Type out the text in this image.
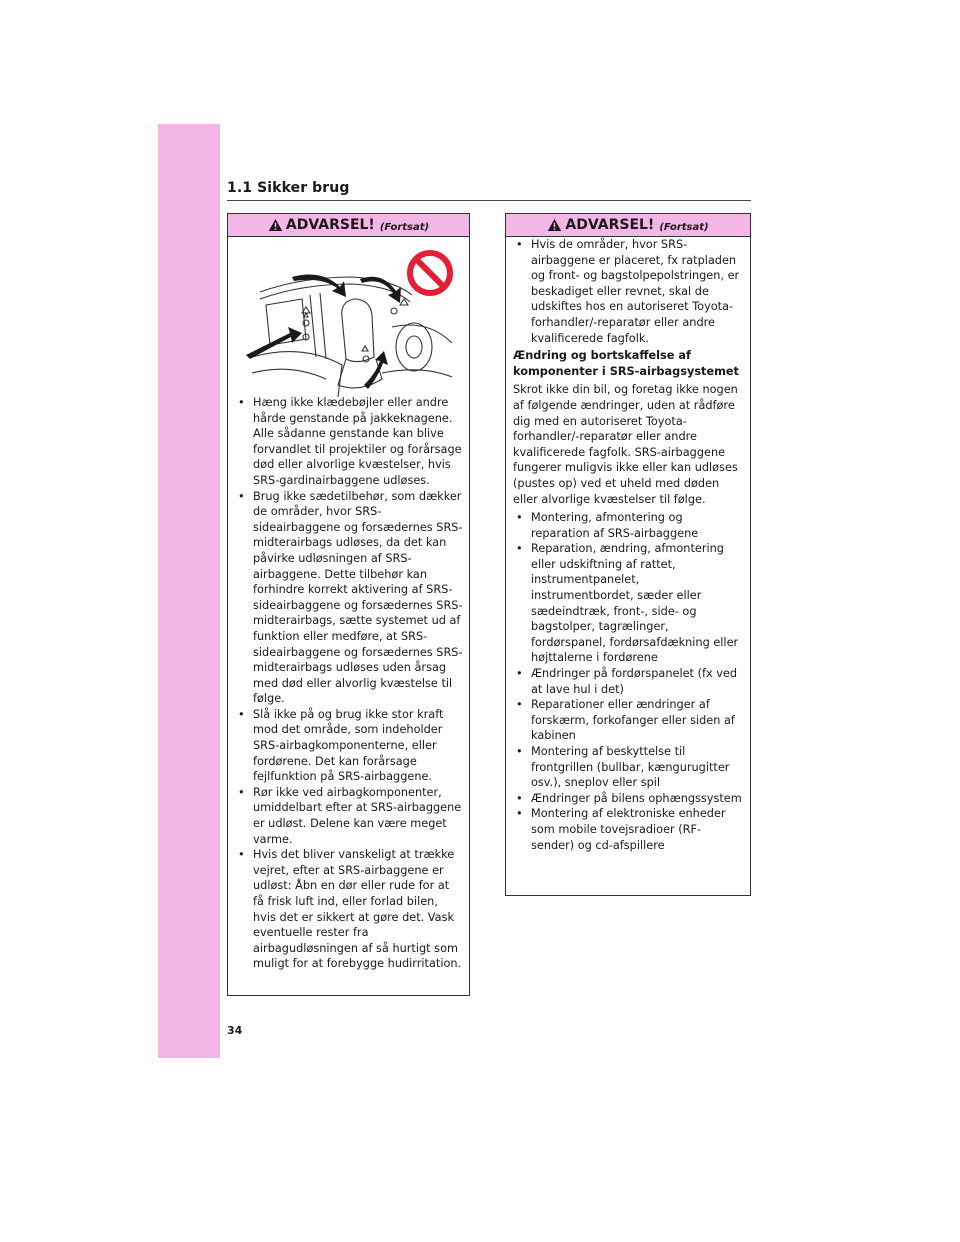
1.1 Sikker brug
ADVARSEL! (Fortsat)
• Hæng ikke klædebøjler eller andre hårde genstande på jakkeknagene. Alle sådanne genstande kan blive forvandlet til projektiler og forårsage død eller alvorlige kvæstelser, hvis SRS-gardinairbaggene udløses.
• Brug ikke sædetilbehør, som dækker de områder, hvor SRS-sideairbaggene og forsædernes SRS-midterairbags udløses, da det kan påvirke udløsningen af SRS-airbaggene. Dette tilbehør kan forhindre korrekt aktivering af SRS-sideairbaggene og forsædernes SRS-midterairbags, sætte systemet ud af funktion eller medføre, at SRS-sideairbaggene og forsædernes SRS-midterairbags udløses uden årsag med død eller alvorlig kvæstelse til følge.
• Slå ikke på og brug ikke stor kraft mod det område, som indeholder SRS-airbagkomponenterne, eller fordørene. Det kan forårsage fejlfunktion på SRS-airbaggene.
• Rør ikke ved airbagkomponenter, umiddelbart efter at SRS-airbaggene er udløst. Delene kan være meget varme.
• Hvis det bliver vanskeligt at trække vejret, efter at SRS-airbaggene er udløst: Åbn en dør eller rude for at få frisk luft ind, eller forlad bilen, hvis det er sikkert at gøre det. Vask eventuelle rester fra airbagudløsningen af så hurtigt som muligt for at forebygge hudirritation.
ADVARSEL! (Fortsat)
• Hvis de områder, hvor SRS-airbaggene er placeret, fx ratpladen og front- og bagstolpepolstringen, er beskadiget eller revnet, skal de udskiftes hos en autoriseret Toyota-forhandler/-reparatør eller andre kvalificerede fagfolk.

Ændring og bortskaffelse af komponenter i SRS-airbagsystemet

Skrot ikke din bil, og foretag ikke nogen af følgende ændringer, uden at rådføre dig med en autoriseret Toyota-forhandler/-reparatør eller andre kvalificerede fagfolk. SRS-airbaggene fungerer muligvis ikke eller kan udløses (pustes op) ved et uheld med døden eller alvorlige kvæstelser til følge.

• Montering, afmontering og reparation af SRS-airbaggene
• Reparation, ændring, afmontering eller udskiftning af rattet, instrumentpanelet, instrumentbordet, sæder eller sædeindtræk, front-, side- og bagstolper, tagrælinger, fordørspanel, fordørsafdækning eller højttalerne i fordørene
• Ændringer på fordørspanelet (fx ved at lave hul i det)
• Reparationer eller ændringer af forskærm, forkofanger eller siden af kabinen
• Montering af beskyttelse til frontgrillen (bullbar, kængurugitter osv.), sneplov eller spil
• Ændringer på bilens ophængssystem
• Montering af elektroniske enheder som mobile tovejsradioer (RF-sender) og cd-afspillere
34
